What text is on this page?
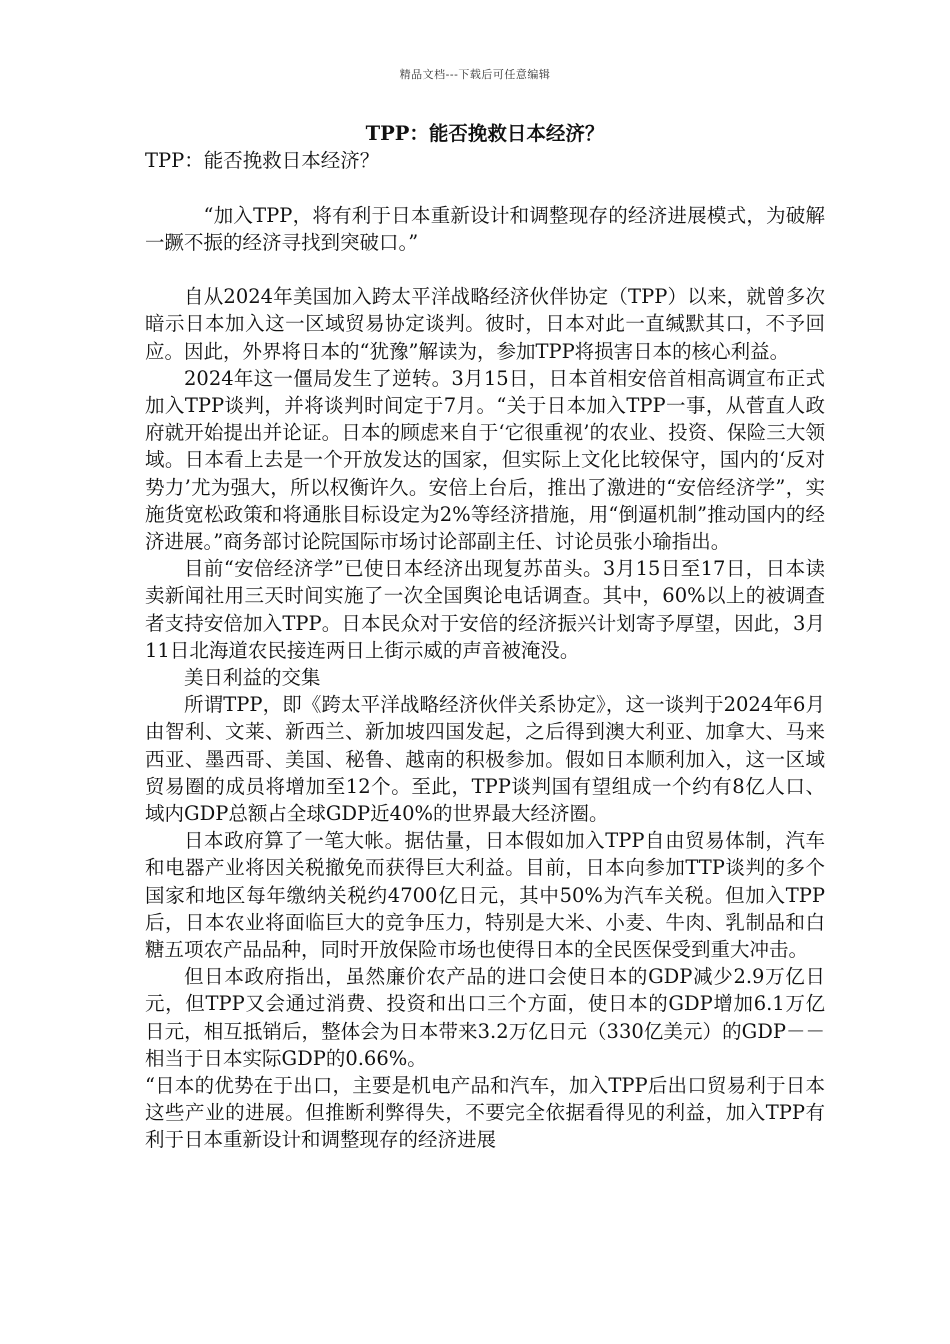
精品文档---下载后可任意编辑

TPP：能否挽救日本经济？

TPP：能否挽救日本经济？

“加入TPP，将有利于日本重新设计和调整现存的经济进展模式，为破解一蹶不振的经济寻找到突破口。”

自从2024年美国加入跨太平洋战略经济伙伴协定（TPP）以来，就曾多次暗示日本加入这一区域贸易协定谈判。彼时，日本对此一直缄默其口，不予回应。因此，外界将日本的“犹豫”解读为，参加TPP将损害日本的核心利益。

2024年这一僵局发生了逆转。3月15日，日本首相安倍首相高调宣布正式加入TPP谈判，并将谈判时间定于7月。“关于日本加入TPP一事，从菅直人政府就开始提出并论证。日本的顾虑来自于‘它很重视’的农业、投资、保险三大领域。日本看上去是一个开放发达的国家，但实际上文化比较保守，国内的‘反对势力’尤为强大，所以权衡许久。安倍上台后，推出了激进的“安倍经济学”，实施货宽松政策和将通胀目标设定为2%等经济措施，用“倒逼机制”推动国内的经济进展。”商务部讨论院国际市场讨论部副主任、讨论员张小瑜指出。

目前“安倍经济学”已使日本经济出现复苏苗头。3月15日至17日，日本读卖新闻社用三天时间实施了一次全国舆论电话调查。其中，60%以上的被调查者支持安倍加入TPP。日本民众对于安倍的经济振兴计划寄予厚望，因此，3月11日北海道农民接连两日上街示威的声音被淹没。

美日利益的交集

所谓TPP，即《跨太平洋战略经济伙伴关系协定》，这一谈判于2024年6月由智利、文莱、新西兰、新加坡四国发起，之后得到澳大利亚、加拿大、马来西亚、墨西哥、美国、秘鲁、越南的积极参加。假如日本顺利加入，这一区域贸易圈的成员将增加至12个。至此，TPP谈判国有望组成一个约有8亿人口、域内GDP总额占全球GDP近40%的世界最大经济圈。

日本政府算了一笔大帐。据估量，日本假如加入TPP自由贸易体制，汽车和电器产业将因关税撤免而获得巨大利益。目前，日本向参加TTP谈判的多个国家和地区每年缴纳关税约4700亿日元，其中50%为汽车关税。但加入TPP后，日本农业将面临巨大的竞争压力，特别是大米、小麦、牛肉、乳制品和白糖五项农产品品种，同时开放保险市场也使得日本的全民医保受到重大冲击。

但日本政府指出，虽然廉价农产品的进口会使日本的GDP减少2.9万亿日元，但TPP又会通过消费、投资和出口三个方面，使日本的GDP增加6.1万亿日元，相互抵销后，整体会为日本带来3.2万亿日元（330亿美元）的GDP－－相当于日本实际GDP的0.66%。

“日本的优势在于出口，主要是机电产品和汽车，加入TPP后出口贸易利于日本这些产业的进展。但推断利弊得失，不要完全依据看得见的利益，加入TPP有利于日本重新设计和调整现存的经济进展
